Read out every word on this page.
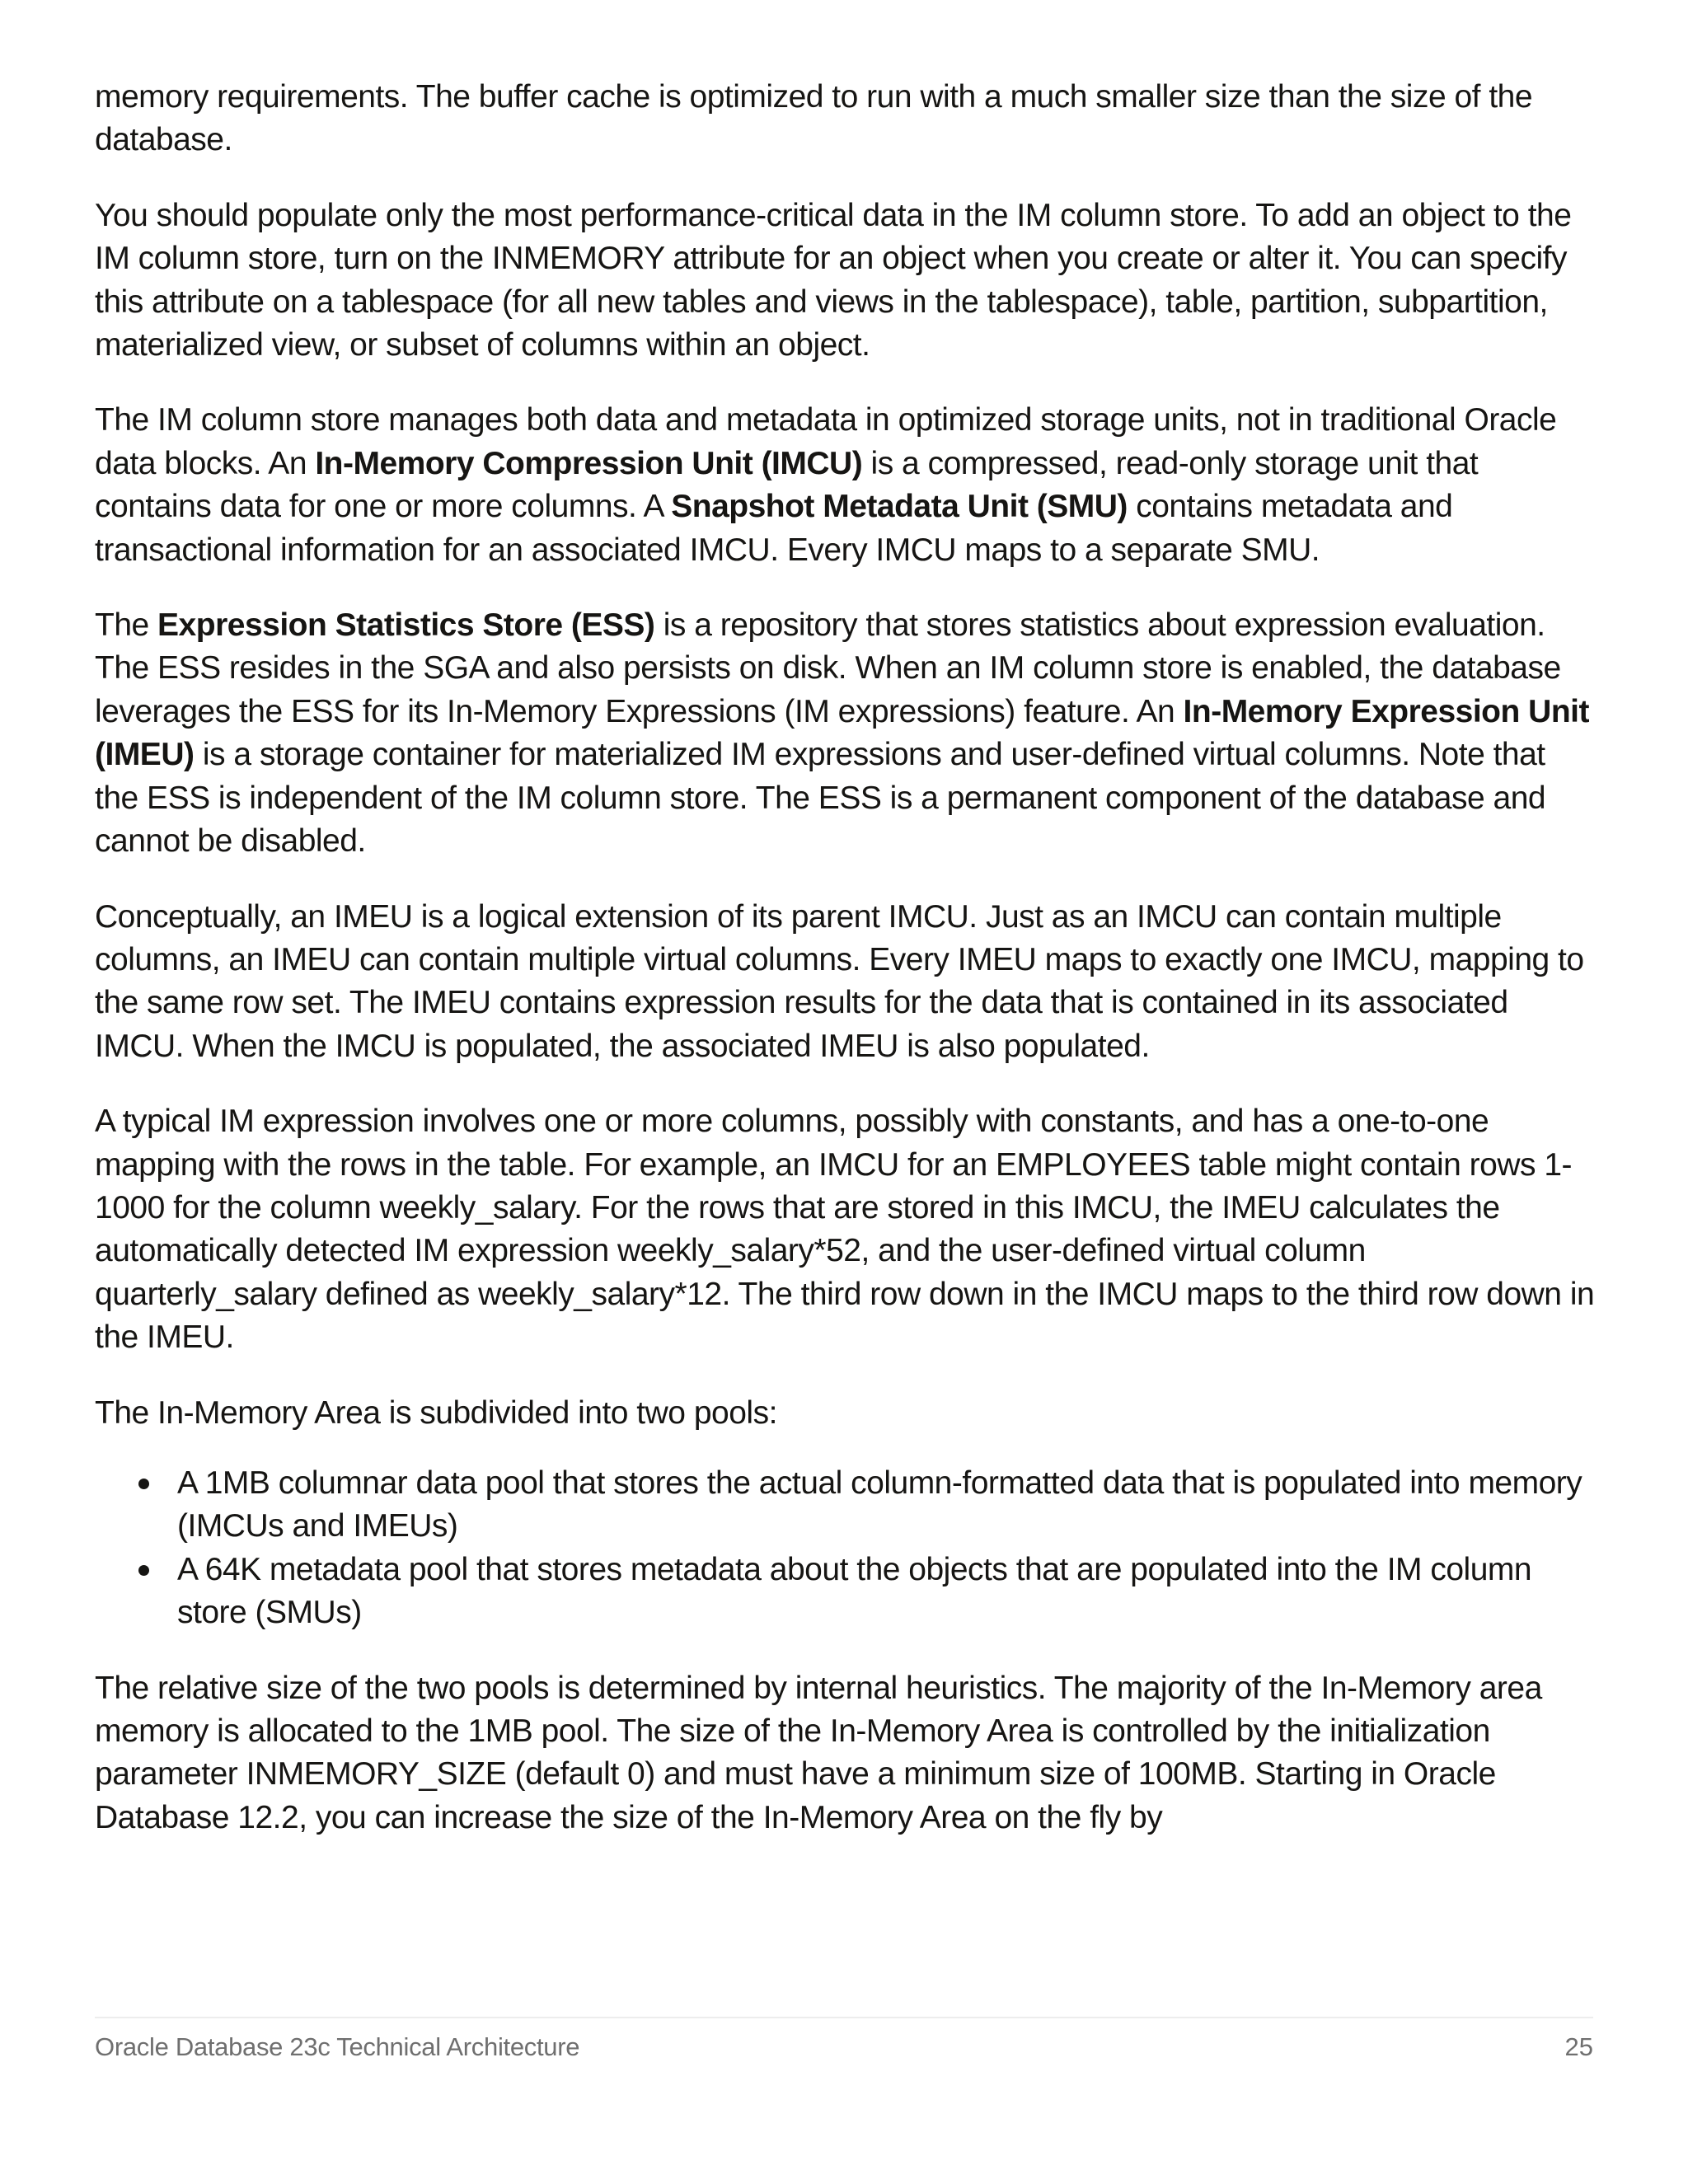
memory requirements. The buffer cache is optimized to run with a much smaller size than the size of the database.

You should populate only the most performance-critical data in the IM column store. To add an object to the IM column store, turn on the INMEMORY attribute for an object when you create or alter it. You can specify this attribute on a tablespace (for all new tables and views in the tablespace), table, partition, subpartition, materialized view, or subset of columns within an object.

The IM column store manages both data and metadata in optimized storage units, not in traditional Oracle data blocks. An In-Memory Compression Unit (IMCU) is a compressed, read-only storage unit that contains data for one or more columns. A Snapshot Metadata Unit (SMU) contains metadata and transactional information for an associated IMCU. Every IMCU maps to a separate SMU.

The Expression Statistics Store (ESS) is a repository that stores statistics about expression evaluation. The ESS resides in the SGA and also persists on disk. When an IM column store is enabled, the database leverages the ESS for its In-Memory Expressions (IM expressions) feature. An In-Memory Expression Unit (IMEU) is a storage container for materialized IM expressions and user-defined virtual columns. Note that the ESS is independent of the IM column store. The ESS is a permanent component of the database and cannot be disabled.

Conceptually, an IMEU is a logical extension of its parent IMCU. Just as an IMCU can contain multiple columns, an IMEU can contain multiple virtual columns. Every IMEU maps to exactly one IMCU, mapping to the same row set. The IMEU contains expression results for the data that is contained in its associated IMCU. When the IMCU is populated, the associated IMEU is also populated.

A typical IM expression involves one or more columns, possibly with constants, and has a one-to-one mapping with the rows in the table. For example, an IMCU for an EMPLOYEES table might contain rows 1-1000 for the column weekly_salary. For the rows that are stored in this IMCU, the IMEU calculates the automatically detected IM expression weekly_salary*52, and the user-defined virtual column quarterly_salary defined as weekly_salary*12. The third row down in the IMCU maps to the third row down in the IMEU.

The In-Memory Area is subdivided into two pools:

A 1MB columnar data pool that stores the actual column-formatted data that is populated into memory (IMCUs and IMEUs)
A 64K metadata pool that stores metadata about the objects that are populated into the IM column store (SMUs)

The relative size of the two pools is determined by internal heuristics. The majority of the In-Memory area memory is allocated to the 1MB pool. The size of the In-Memory Area is controlled by the initialization parameter INMEMORY_SIZE (default 0) and must have a minimum size of 100MB. Starting in Oracle Database 12.2, you can increase the size of the In-Memory Area on the fly by

Oracle Database 23c Technical Architecture	25
